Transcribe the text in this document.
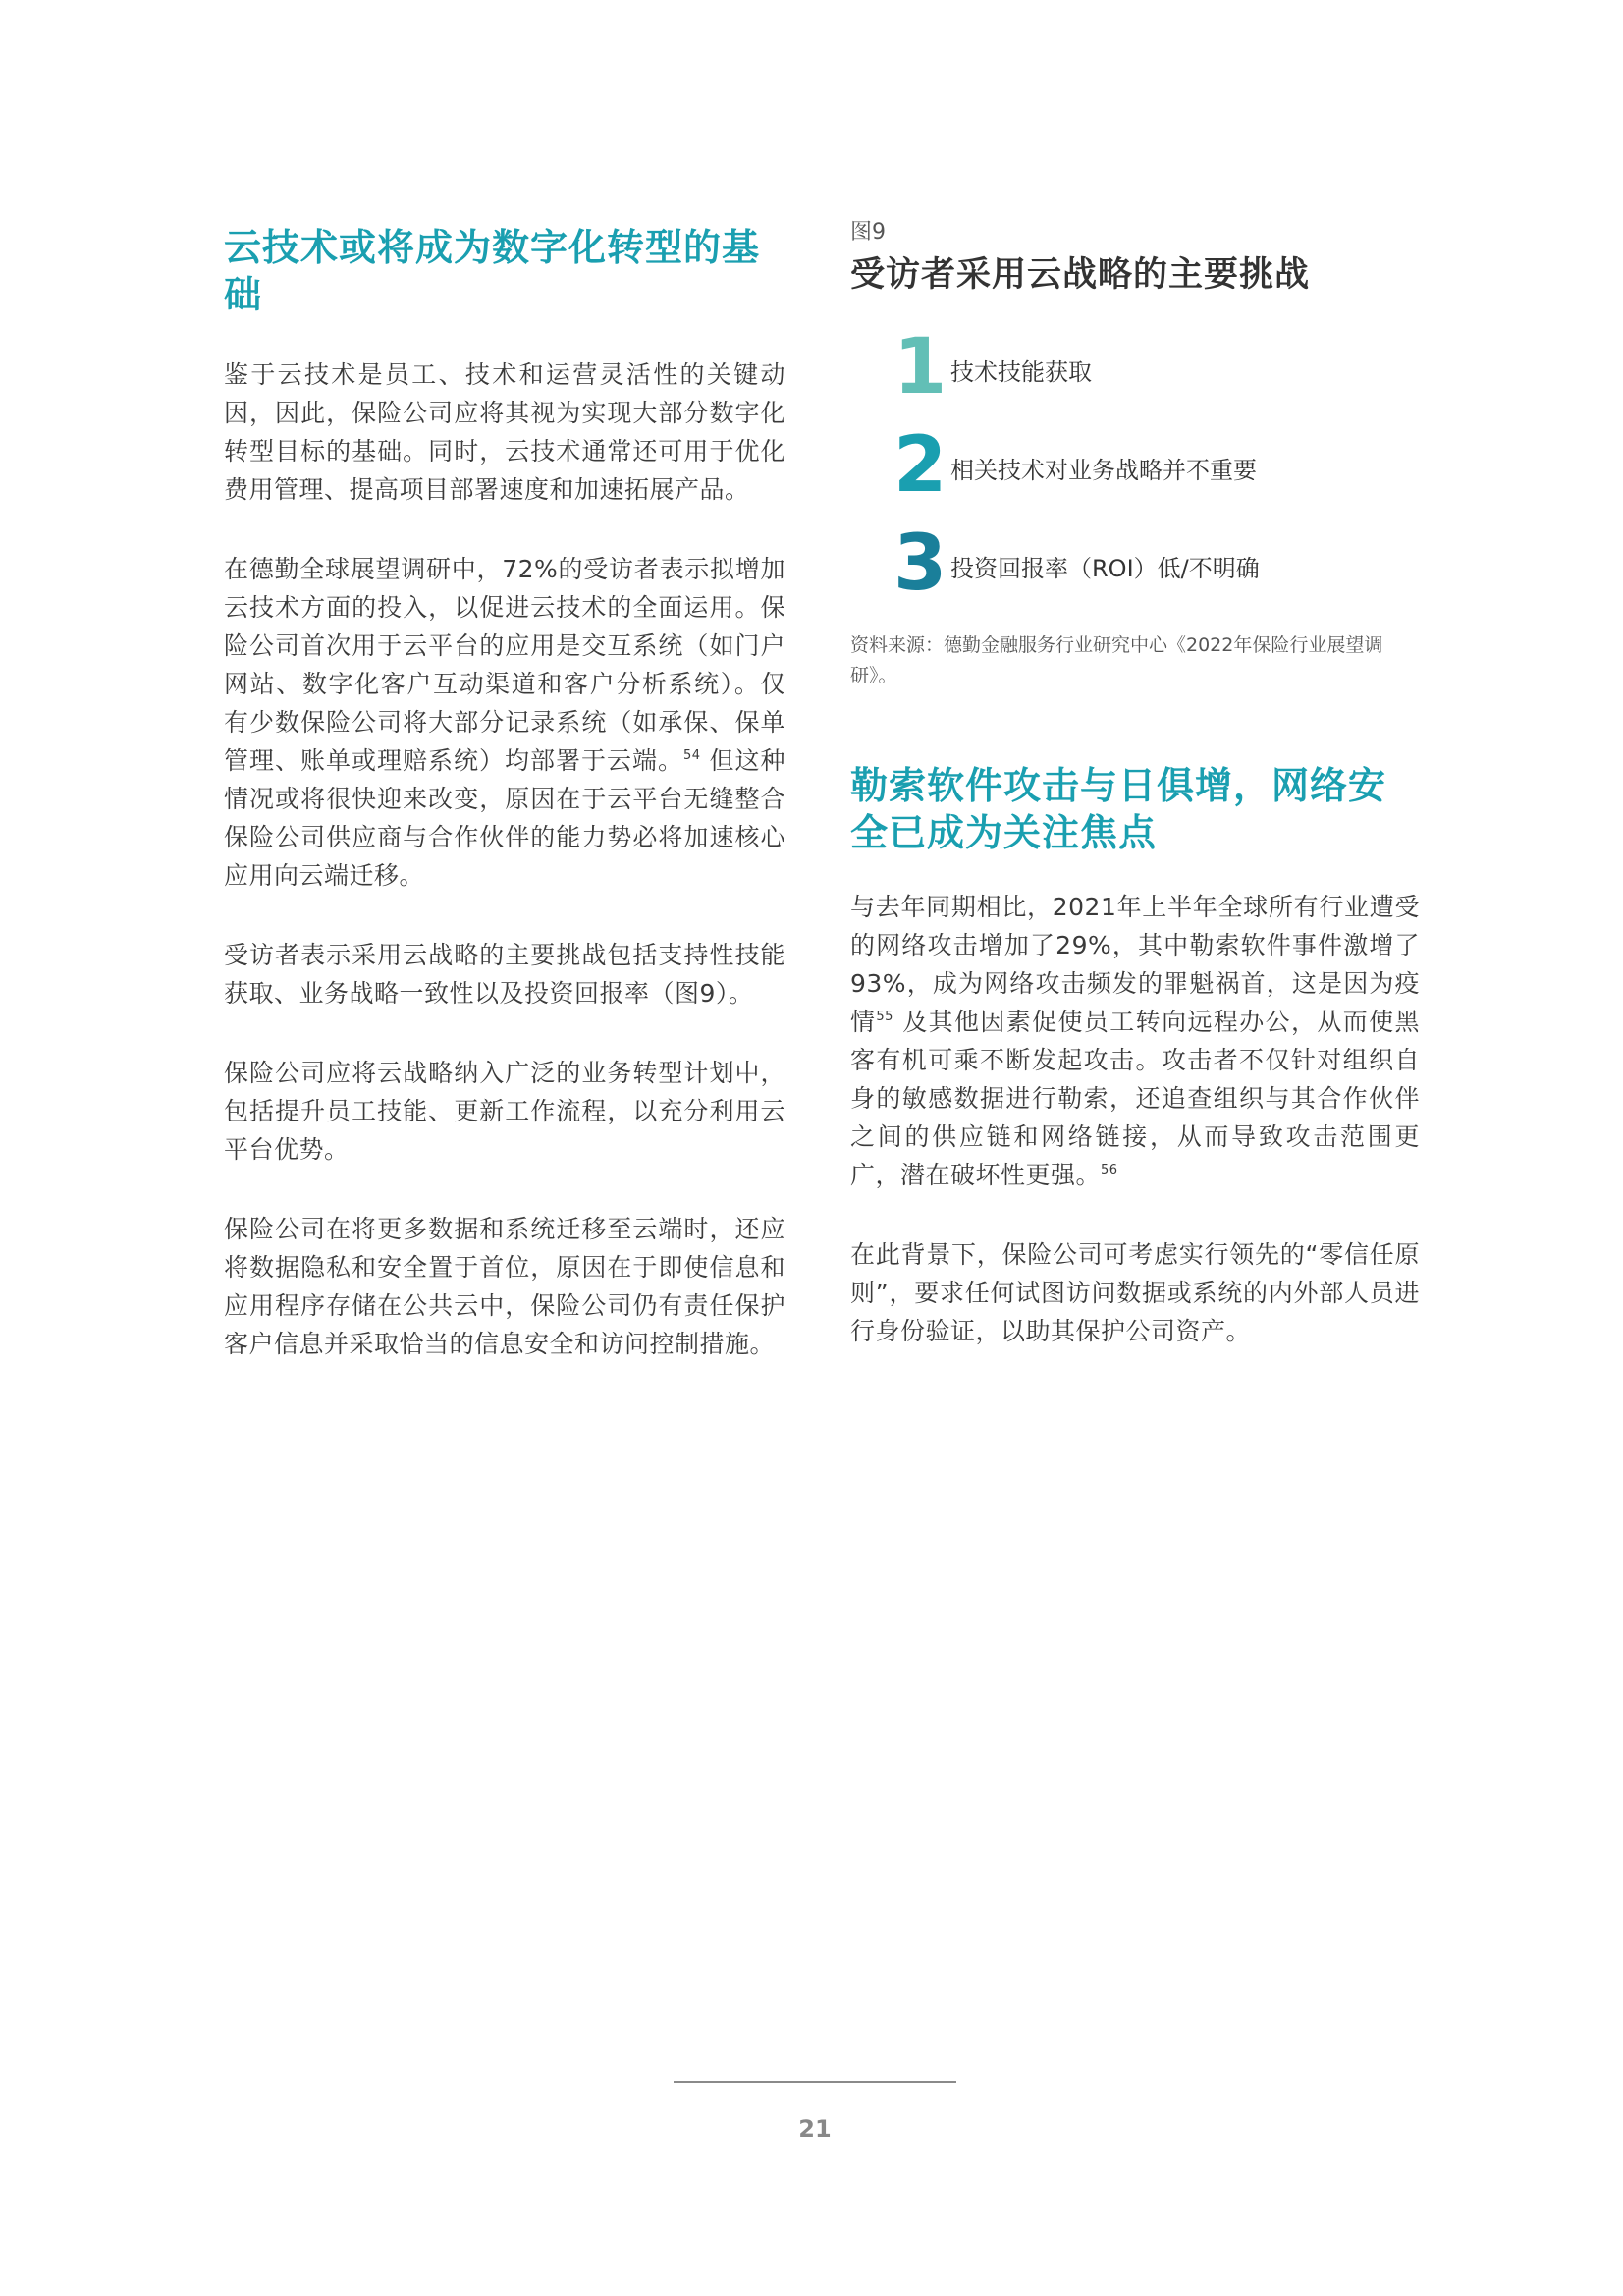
云技术或将成为数字化转型的基础

鉴于云技术是员工、技术和运营灵活性的关键动因，因此，保险公司应将其视为实现大部分数字化转型目标的基础。同时，云技术通常还可用于优化费用管理、提高项目部署速度和加速拓展产品。

在德勤全球展望调研中，72%的受访者表示拟增加云技术方面的投入，以促进云技术的全面运用。保险公司首次用于云平台的应用是交互系统（如门户网站、数字化客户互动渠道和客户分析系统）。仅有少数保险公司将大部分记录系统（如承保、保单管理、账单或理赔系统）均部署于云端。$^{54}$ 但这种情况或将很快迎来改变，原因在于云平台无缝整合保险公司供应商与合作伙伴的能力势必将加速核心应用向云端迁移。

受访者表示采用云战略的主要挑战包括支持性技能获取、业务战略一致性以及投资回报率（图9）。

保险公司应将云战略纳入广泛的业务转型计划中，包括提升员工技能、更新工作流程，以充分利用云平台优势。

保险公司在将更多数据和系统迁移至云端时，还应将数据隐私和安全置于首位，原因在于即使信息和应用程序存储在公共云中，保险公司仍有责任保护客户信息并采取恰当的信息安全和访问控制措施。

图9
受访者采用云战略的主要挑战
1 技术技能获取
2 相关技术对业务战略并不重要
3 投资回报率（ROI）低/不明确
资料来源：德勤金融服务行业研究中心《2022年保险行业展望调研》。
勒索软件攻击与日俱增，网络安全已成为关注焦点

与去年同期相比，2021年上半年全球所有行业遭受的网络攻击增加了29%，其中勒索软件事件激增了93%，成为网络攻击频发的罪魁祸首，这是因为疫情$^{55}$ 及其他因素促使员工转向远程办公，从而使黑客有机可乘不断发起攻击。攻击者不仅针对组织自身的敏感数据进行勒索，还追查组织与其合作伙伴之间的供应链和网络链接，从而导致攻击范围更广，潜在破坏性更强。$^{56}$

在此背景下，保险公司可考虑实行领先的“零信任原则”，要求任何试图访问数据或系统的内外部人员进行身份验证，以助其保护公司资产。

21
